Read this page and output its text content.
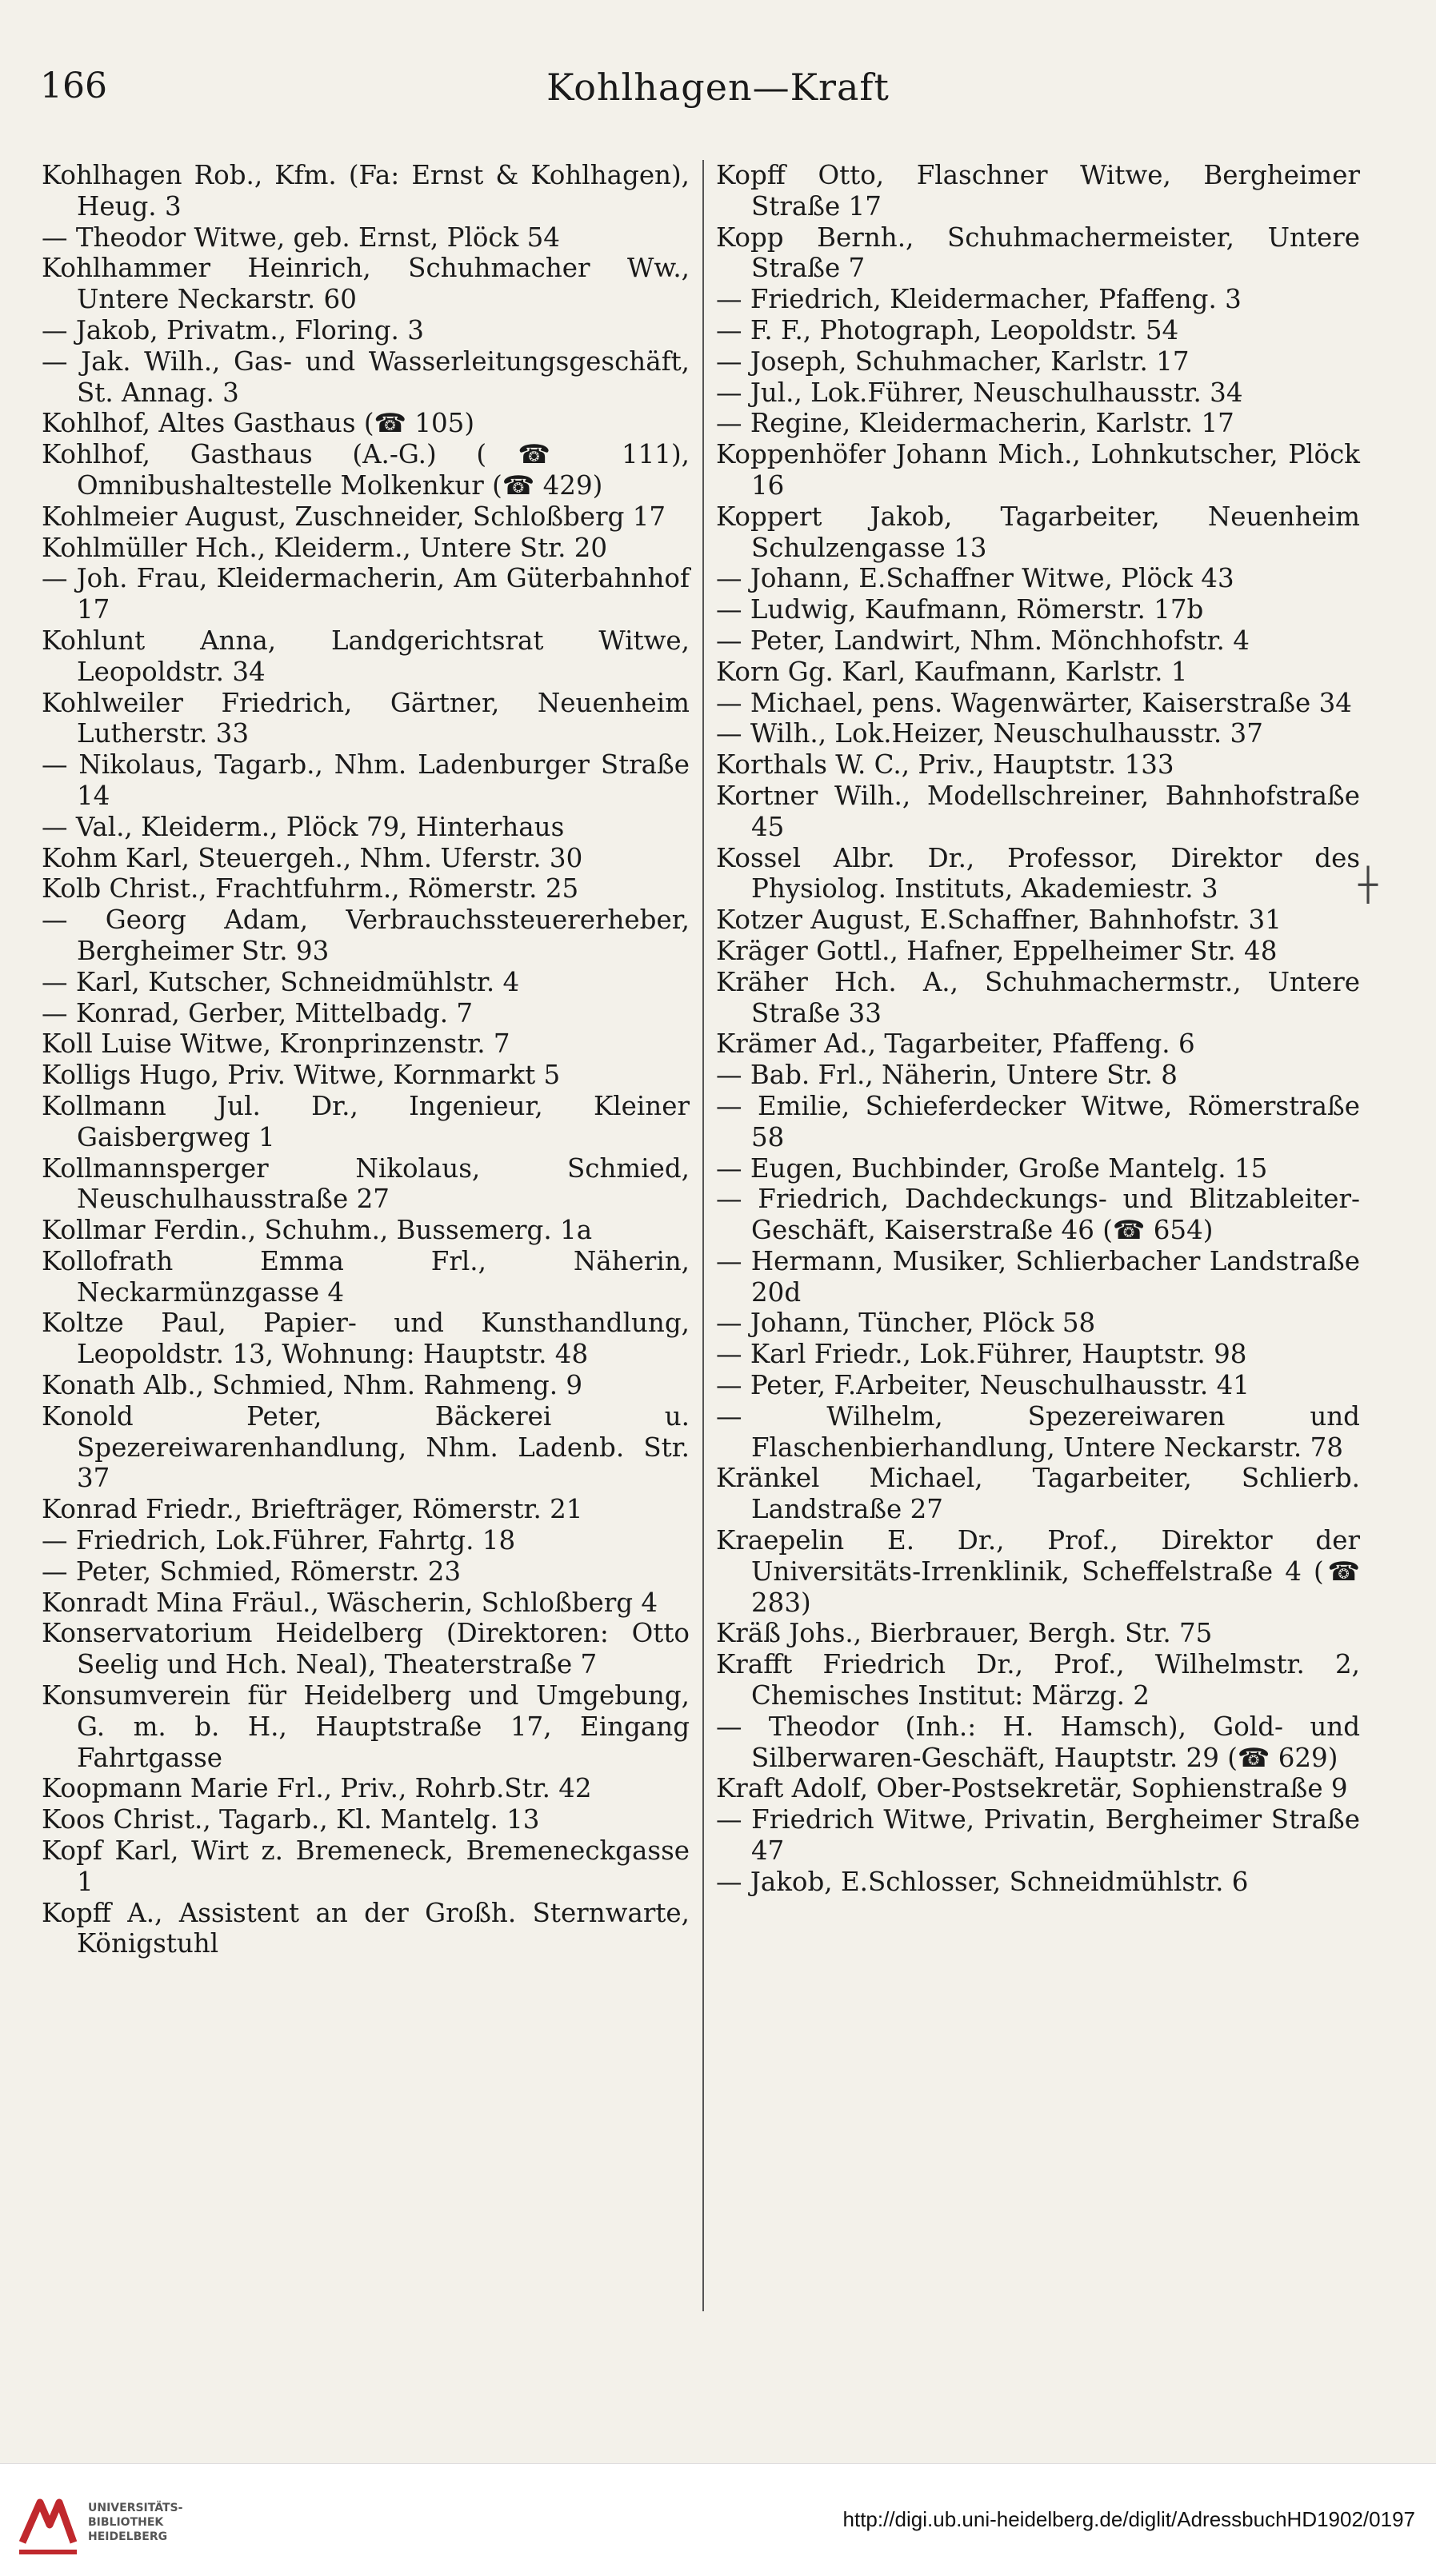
166	Kohlhagen—Kraft
Kohlhagen Rob., Kfm. (Fa: Ernst & Kohlhagen), Heug. 3
— Theodor Witwe, geb. Ernst, Plöck 54
Kohlhammer Heinrich, Schuhmacher Ww., Untere Neckarstr. 60
— Jakob, Privatm., Floring. 3
— Jak. Wilh., Gas- und Wasserleitungsgeschäft, St. Annag. 3
Kohlhof, Altes Gasthaus (☎ 105)
Kohlhof, Gasthaus (A.-G.) (☎ 111), Omnibushaltestelle Molkenkur (☎ 429)
Kohlmeier August, Zuschneider, Schloßberg 17
Kohlmüller Hch., Kleiderm., Untere Str. 20
— Joh. Frau, Kleidermacherin, Am Güterbahnhof 17
Kohlunt Anna, Landgerichtsrat Witwe, Leopoldstr. 34
Kohlweiler Friedrich, Gärtner, Neuenheim Lutherstr. 33
— Nikolaus, Tagarb., Nhm. Ladenburger Straße 14
— Val., Kleiderm., Plöck 79, Hinterhaus
Kohm Karl, Steuergeh., Nhm. Uferstr. 30
Kolb Christ., Frachtfuhrm., Römerstr. 25
— Georg Adam, Verbrauchssteuererheber, Bergheimer Str. 93
— Karl, Kutscher, Schneidmühlstr. 4
— Konrad, Gerber, Mittelbadg. 7
Koll Luise Witwe, Kronprinzenstr. 7
Kolligs Hugo, Priv. Witwe, Kornmarkt 5
Kollmann Jul. Dr., Ingenieur, Kleiner Gaisbergweg 1
Kollmannsperger Nikolaus, Schmied, Neuschulhausstraße 27
Kollmar Ferdin., Schuhm., Bussemerg. 1a
Kollofrath Emma Frl., Näherin, Neckarmünzgasse 4
Koltze Paul, Papier- und Kunsthandlung, Leopoldstr. 13, Wohnung: Hauptstr. 48
Konath Alb., Schmied, Nhm. Rahmeng. 9
Konold Peter, Bäckerei u. Spezereiwarenhandlung, Nhm. Ladenb. Str. 37
Konrad Friedr., Briefträger, Römerstr. 21
— Friedrich, Lok.Führer, Fahrtg. 18
— Peter, Schmied, Römerstr. 23
Konradt Mina Fräul., Wäscherin, Schloßberg 4
Konservatorium Heidelberg (Direktoren: Otto Seelig und Hch. Neal), Theaterstraße 7
Konsumverein für Heidelberg und Umgebung, G. m. b. H., Hauptstraße 17, Eingang Fahrtgasse
Koopmann Marie Frl., Priv., Rohrb.Str. 42
Koos Christ., Tagarb., Kl. Mantelg. 13
Kopf Karl, Wirt z. Bremeneck, Bremeneckgasse 1
Kopff A., Assistent an der Großh. Sternwarte, Königstuhl
Kopff Otto, Flaschner Witwe, Bergheimer Straße 17
Kopp Bernh., Schuhmachermeister, Untere Straße 7
— Friedrich, Kleidermacher, Pfaffeng. 3
— F. F., Photograph, Leopoldstr. 54
— Joseph, Schuhmacher, Karlstr. 17
— Jul., Lok.Führer, Neuschulhausstr. 34
— Regine, Kleidermacherin, Karlstr. 17
Koppenhöfer Johann Mich., Lohnkutscher, Plöck 16
Koppert Jakob, Tagarbeiter, Neuenheim Schulzengasse 13
— Johann, E.Schaffner Witwe, Plöck 43
— Ludwig, Kaufmann, Römerstr. 17b
— Peter, Landwirt, Nhm. Mönchhofstr. 4
Korn Gg. Karl, Kaufmann, Karlstr. 1
— Michael, pens. Wagenwärter, Kaiserstraße 34
— Wilh., Lok.Heizer, Neuschulhausstr. 37
Korthals W. C., Priv., Hauptstr. 133
Kortner Wilh., Modellschreiner, Bahnhofstraße 45
Kossel Albr. Dr., Professor, Direktor des Physiolog. Instituts, Akademiestr. 3
Kotzer August, E.Schaffner, Bahnhofstr. 31
Kräger Gottl., Hafner, Eppelheimer Str. 48
Kräher Hch. A., Schuhmachermstr., Untere Straße 33
Krämer Ad., Tagarbeiter, Pfaffeng. 6
— Bab. Frl., Näherin, Untere Str. 8
— Emilie, Schieferdecker Witwe, Römerstraße 58
— Eugen, Buchbinder, Große Mantelg. 15
— Friedrich, Dachdeckungs- und Blitzableiter-Geschäft, Kaiserstraße 46 (☎ 654)
— Hermann, Musiker, Schlierbacher Landstraße 20d
— Johann, Tüncher, Plöck 58
— Karl Friedr., Lok.Führer, Hauptstr. 98
— Peter, F.Arbeiter, Neuschulhausstr. 41
— Wilhelm, Spezereiwaren und Flaschenbierhandlung, Untere Neckarstr. 78
Kränkel Michael, Tagarbeiter, Schlierb. Landstraße 27
Kraepelin E. Dr., Prof., Direktor der Universitäts-Irrenklinik, Scheffelstraße 4 (☎ 283)
Kräß Johs., Bierbrauer, Bergh. Str. 75
Krafft Friedrich Dr., Prof., Wilhelmstr. 2, Chemisches Institut: Märzg. 2
— Theodor (Inh.: H. Hamsch), Gold- und Silberwaren-Geschäft, Hauptstr. 29 (☎ 629)
Kraft Adolf, Ober-Postsekretär, Sophienstraße 9
— Friedrich Witwe, Privatin, Bergheimer Straße 47
— Jakob, E.Schlosser, Schneidmühlstr. 6
┼
UNIVERSITÄTS-
BIBLIOTHEK
HEIDELBERG
http://digi.ub.uni-heidelberg.de/diglit/AdressbuchHD1902/0197
